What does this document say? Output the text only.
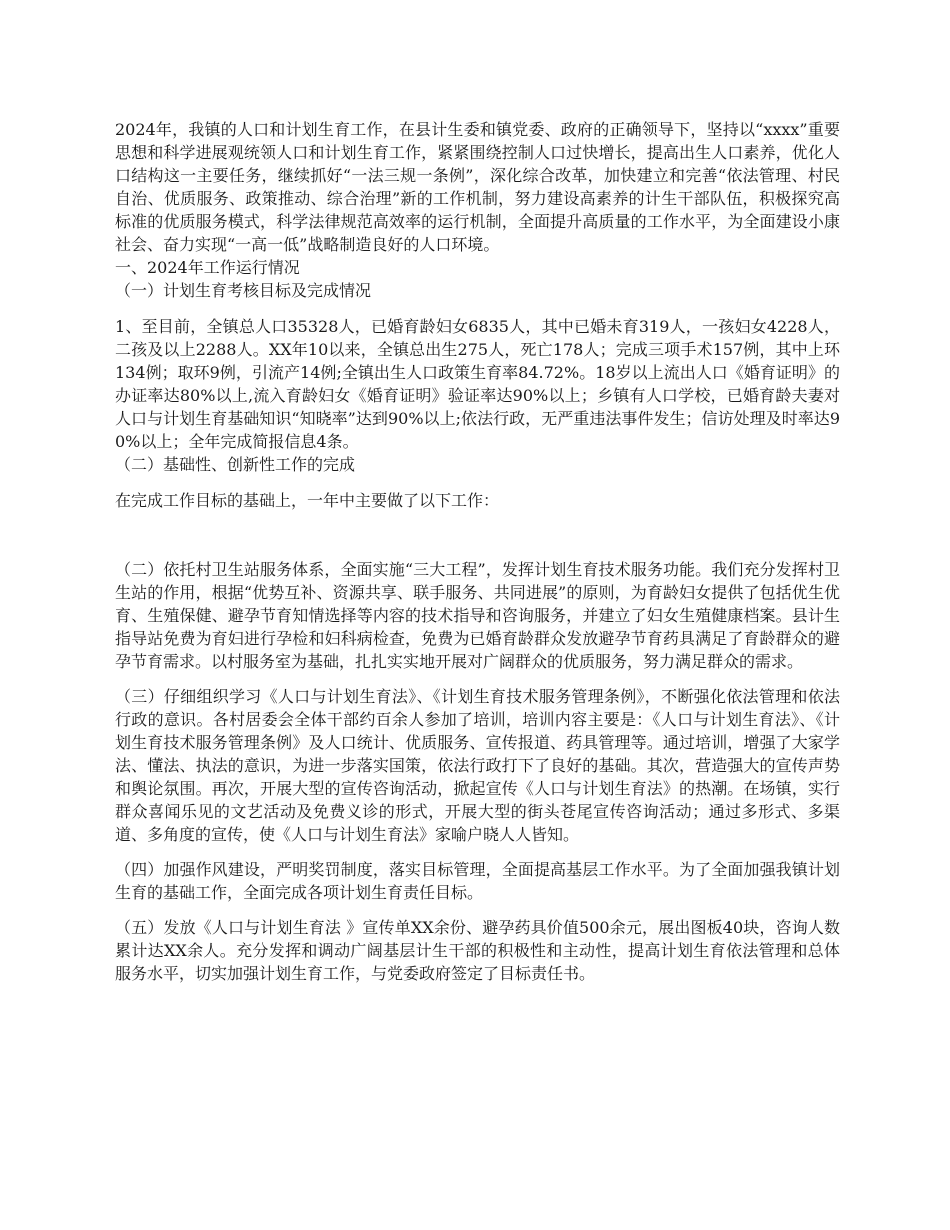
2024年，我镇的人口和计划生育工作，在县计生委和镇党委、政府的正确领导下，坚持以“xxxx”重要思想和科学进展观统领人口和计划生育工作，紧紧围绕控制人口过快增长，提高出生人口素养，优化人口结构这一主要任务，继续抓好“一法三规一条例”，深化综合改革，加快建立和完善“依法管理、村民自治、优质服务、政策推动、综合治理”新的工作机制，努力建设高素养的计生干部队伍，积极探究高标准的优质服务模式，科学法律规范高效率的运行机制，全面提升高质量的工作水平，为全面建设小康社会、奋力实现“一高一低”战略制造良好的人口环境。

一、2024年工作运行情况

（一）计划生育考核目标及完成情况

1、至目前，全镇总人口35328人，已婚育龄妇女6835人，其中已婚未育319人，一孩妇女4228人，二孩及以上2288人。XX年10以来，全镇总出生275人，死亡178人；完成三项手术157例，其中上环134例；取环9例，引流产14例;全镇出生人口政策生育率84.72%。18岁以上流出人口《婚育证明》的办证率达80%以上,流入育龄妇女《婚育证明》验证率达90%以上；乡镇有人口学校，已婚育龄夫妻对人口与计划生育基础知识“知晓率”达到90%以上;依法行政，无严重违法事件发生；信访处理及时率达90%以上；全年完成简报信息4条。

（二）基础性、创新性工作的完成

在完成工作目标的基础上，一年中主要做了以下工作：

（二）依托村卫生站服务体系，全面实施“三大工程”，发挥计划生育技术服务功能。我们充分发挥村卫生站的作用，根据“优势互补、资源共享、联手服务、共同进展”的原则，为育龄妇女提供了包括优生优育、生殖保健、避孕节育知情选择等内容的技术指导和咨询服务，并建立了妇女生殖健康档案。县计生指导站免费为育妇进行孕检和妇科病检查，免费为已婚育龄群众发放避孕节育药具满足了育龄群众的避孕节育需求。以村服务室为基础，扎扎实实地开展对广阔群众的优质服务，努力满足群众的需求。

（三）仔细组织学习《人口与计划生育法》、《计划生育技术服务管理条例》，不断强化依法管理和依法行政的意识。各村居委会全体干部约百余人参加了培训，培训内容主要是：《人口与计划生育法》、《计划生育技术服务管理条例》及人口统计、优质服务、宣传报道、药具管理等。通过培训，增强了大家学法、懂法、执法的意识，为进一步落实国策，依法行政打下了良好的基础。其次，营造强大的宣传声势和舆论氛围。再次，开展大型的宣传咨询活动，掀起宣传《人口与计划生育法》的热潮。在场镇，实行群众喜闻乐见的文艺活动及免费义诊的形式，开展大型的街头苍尾宣传咨询活动；通过多形式、多渠道、多角度的宣传，使《人口与计划生育法》家喻户晓人人皆知。

（四）加强作风建设，严明奖罚制度，落实目标管理，全面提高基层工作水平。为了全面加强我镇计划生育的基础工作，全面完成各项计划生育责任目标。

（五）发放《人口与计划生育法 》宣传单XX余份、避孕药具价值500余元，展出图板40块，咨询人数累计达XX余人。充分发挥和调动广阔基层计生干部的积极性和主动性，提高计划生育依法管理和总体服务水平，切实加强计划生育工作，与党委政府签定了目标责任书。
